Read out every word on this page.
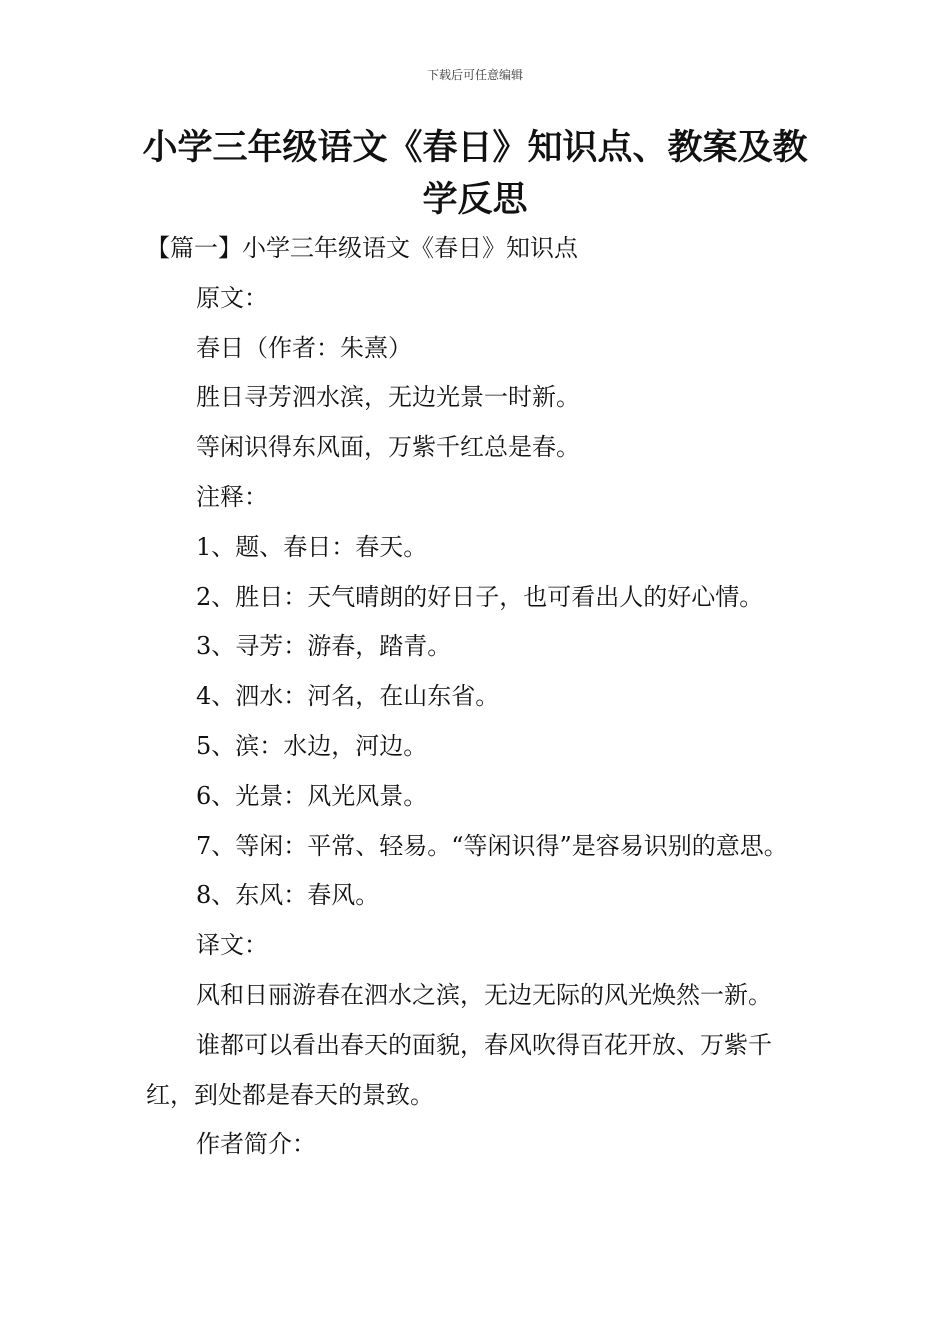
下载后可任意编辑
小学三年级语文《春日》知识点、教案及教学反思

【篇一】小学三年级语文《春日》知识点

原文：

春日（作者：朱熹）

胜日寻芳泗水滨，无边光景一时新。

等闲识得东风面，万紫千红总是春。

注释：

1、题、春日：春天。

2、胜日：天气晴朗的好日子，也可看出人的好心情。

3、寻芳：游春，踏青。

4、泗水：河名，在山东省。

5、滨：水边，河边。

6、光景：风光风景。

7、等闲：平常、轻易。“等闲识得”是容易识别的意思。

8、东风：春风。

译文：

风和日丽游春在泗水之滨，无边无际的风光焕然一新。

谁都可以看出春天的面貌，春风吹得百花开放、万紫千红，到处都是春天的景致。

作者简介：
